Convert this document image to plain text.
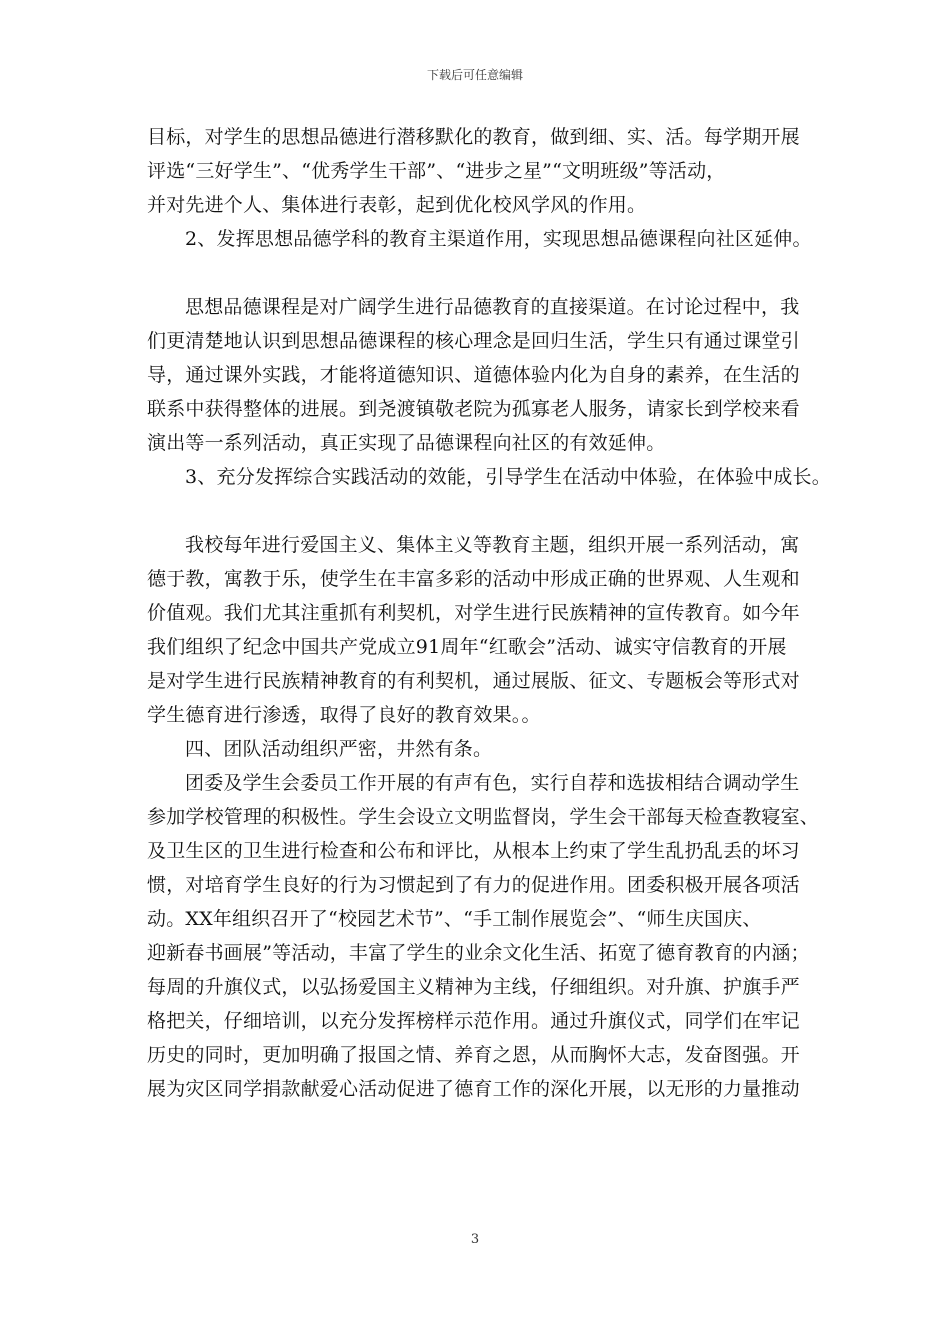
下载后可任意编辑
目标，对学生的思想品德进行潜移默化的教育，做到细、实、活。每学期开展
评选“三好学生”、“优秀学生干部”、“进步之星”“文明班级”等活动，
并对先进个人、集体进行表彰，起到优化校风学风的作用。
2、发挥思想品德学科的教育主渠道作用，实现思想品德课程向社区延伸。
思想品德课程是对广阔学生进行品德教育的直接渠道。在讨论过程中，我
们更清楚地认识到思想品德课程的核心理念是回归生活，学生只有通过课堂引
导，通过课外实践，才能将道德知识、道德体验内化为自身的素养，在生活的
联系中获得整体的进展。到尧渡镇敬老院为孤寡老人服务，请家长到学校来看
演出等一系列活动，真正实现了品德课程向社区的有效延伸。
3、充分发挥综合实践活动的效能，引导学生在活动中体验，在体验中成长。
我校每年进行爱国主义、集体主义等教育主题，组织开展一系列活动，寓
德于教，寓教于乐，使学生在丰富多彩的活动中形成正确的世界观、人生观和
价值观。我们尤其注重抓有利契机，对学生进行民族精神的宣传教育。如今年
我们组织了纪念中国共产党成立91周年“红歌会”活动、诚实守信教育的开展
是对学生进行民族精神教育的有利契机，通过展版、征文、专题板会等形式对
学生德育进行渗透，取得了良好的教育效果。。
四、团队活动组织严密，井然有条。
团委及学生会委员工作开展的有声有色，实行自荐和选拔相结合调动学生
参加学校管理的积极性。学生会设立文明监督岗，学生会干部每天检查教寝室、
及卫生区的卫生进行检查和公布和评比，从根本上约束了学生乱扔乱丢的坏习
惯，对培育学生良好的行为习惯起到了有力的促进作用。团委积极开展各项活
动。XX年组织召开了“校园艺术节”、“手工制作展览会”、“师生庆国庆、
迎新春书画展”等活动，丰富了学生的业余文化生活、拓宽了德育教育的内涵；
每周的升旗仪式，以弘扬爱国主义精神为主线，仔细组织。对升旗、护旗手严
格把关，仔细培训，以充分发挥榜样示范作用。通过升旗仪式，同学们在牢记
历史的同时，更加明确了报国之情、养育之恩，从而胸怀大志，发奋图强。开
展为灾区同学捐款献爱心活动促进了德育工作的深化开展，以无形的力量推动
3
